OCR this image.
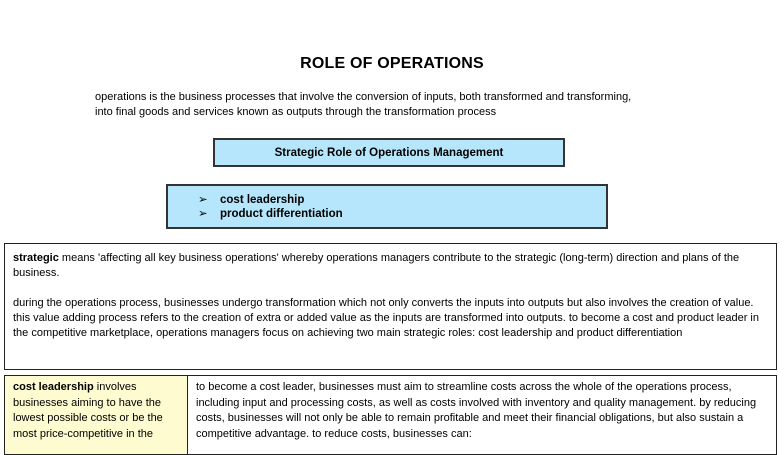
ROLE OF OPERATIONS
operations is the business processes that involve the conversion of inputs, both transformed and transforming,
into final goods and services known as outputs through the transformation process
Strategic Role of Operations Management
➢ cost leadership
➢ product differentiation

strategic means 'affecting all key business operations' whereby operations managers contribute to the strategic (long-term) direction and plans of the business.

during the operations process, businesses undergo transformation which not only converts the inputs into outputs but also involves the creation of value. this value adding process refers to the creation of extra or added value as the inputs are transformed into outputs. to become a cost and product leader in the competitive marketplace, operations managers focus on achieving two main strategic roles: cost leadership and product differentiation

cost leadership involves businesses aiming to have the lowest possible costs or be the most price-competitive in the
to become a cost leader, businesses must aim to streamline costs across the whole of the operations process, including input and processing costs, as well as costs involved with inventory and quality management. by reducing costs, businesses will not only be able to remain profitable and meet their financial obligations, but also sustain a competitive advantage. to reduce costs, businesses can:
